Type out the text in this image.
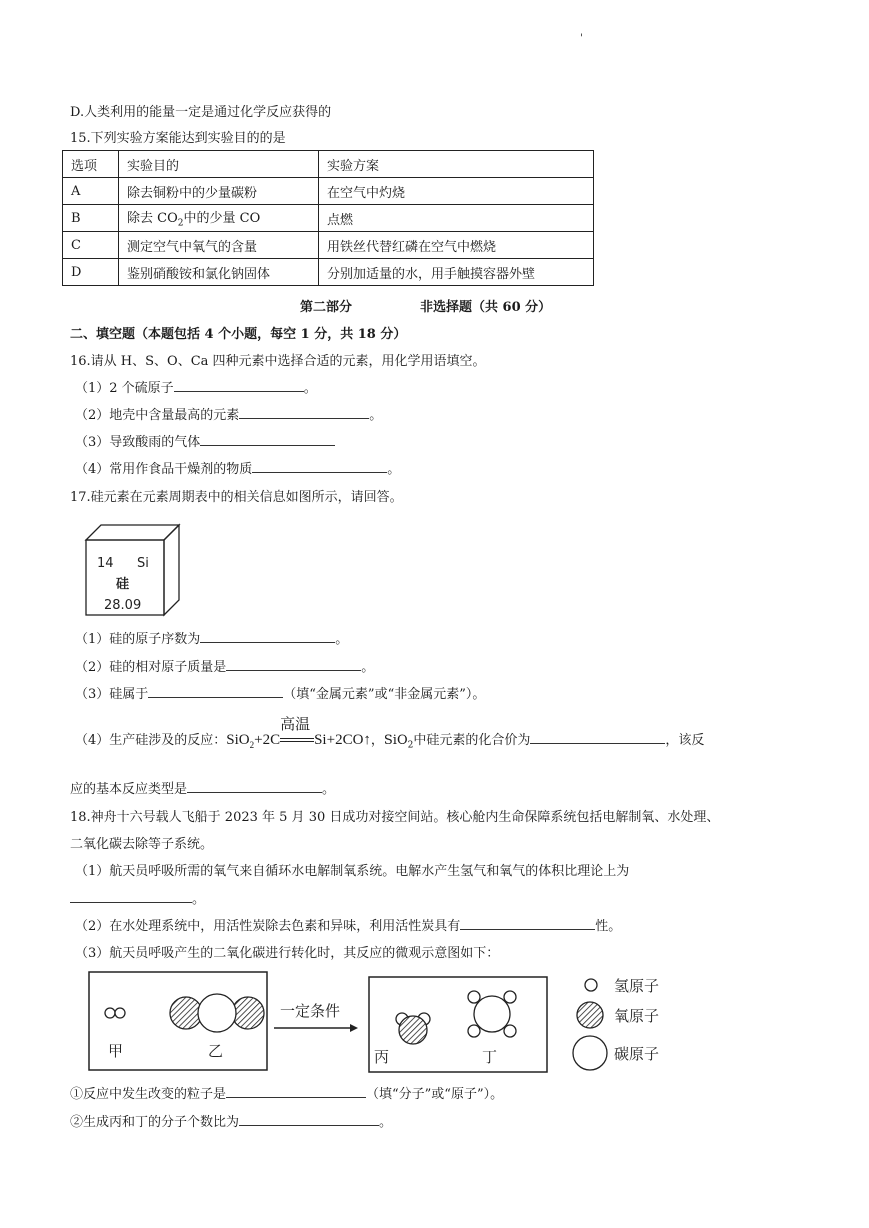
'
D.人类利用的能量一定是通过化学反应获得的
15.下列实验方案能达到实验目的的是
选项	实验目的	实验方案
A	除去铜粉中的少量碳粉	在空气中灼烧
B	除去 $CO_2$中的少量 CO	点燃
C	测定空气中氧气的含量	用铁丝代替红磷在空气中燃烧
D	鉴别硝酸铵和氯化钠固体	分别加适量的水，用手触摸容器外壁
第二部分	非选择题（共 60 分）
二、填空题（本题包括 4 个小题，每空 1 分，共 18 分）
16.请从 H、S、O、Ca 四种元素中选择合适的元素，用化学用语填空。
（1）2 个硫原子	。
（2）地壳中含量最高的元素	。
（3）导致酸雨的气体
（4）常用作食品干燥剂的物质	。
17.硅元素在元素周期表中的相关信息如图所示，请回答。
14 Si
硅
28.09
（1）硅的原子序数为	。
（2）硅的相对原子质量是	。
（3）硅属于	（填“金属元素”或“非金属元素”）。
（4）生产硅涉及的反应：SiO$_2$+2C
高温
Si+2CO↑，SiO$_2$中硅元素的化合价为	，该反
应的基本反应类型是	。
18.神舟十六号载人飞船于 2023 年 5 月 30 日成功对接空间站。核心舱内生命保障系统包括电解制氧、水处理、
二氧化碳去除等子系统。
（1）航天员呼吸所需的氧气来自循环水电解制氧系统。电解水产生氢气和氧气的体积比理论上为
。
（2）在水处理系统中，用活性炭除去色素和异味，利用活性炭具有	性。
（3）航天员呼吸产生的二氧化碳进行转化时，其反应的微观示意图如下：
甲	乙
一定条件
丙	丁
氢原子
氧原子
碳原子
①反应中发生改变的粒子是	（填“分子”或“原子”）。
②生成丙和丁的分子个数比为	。
